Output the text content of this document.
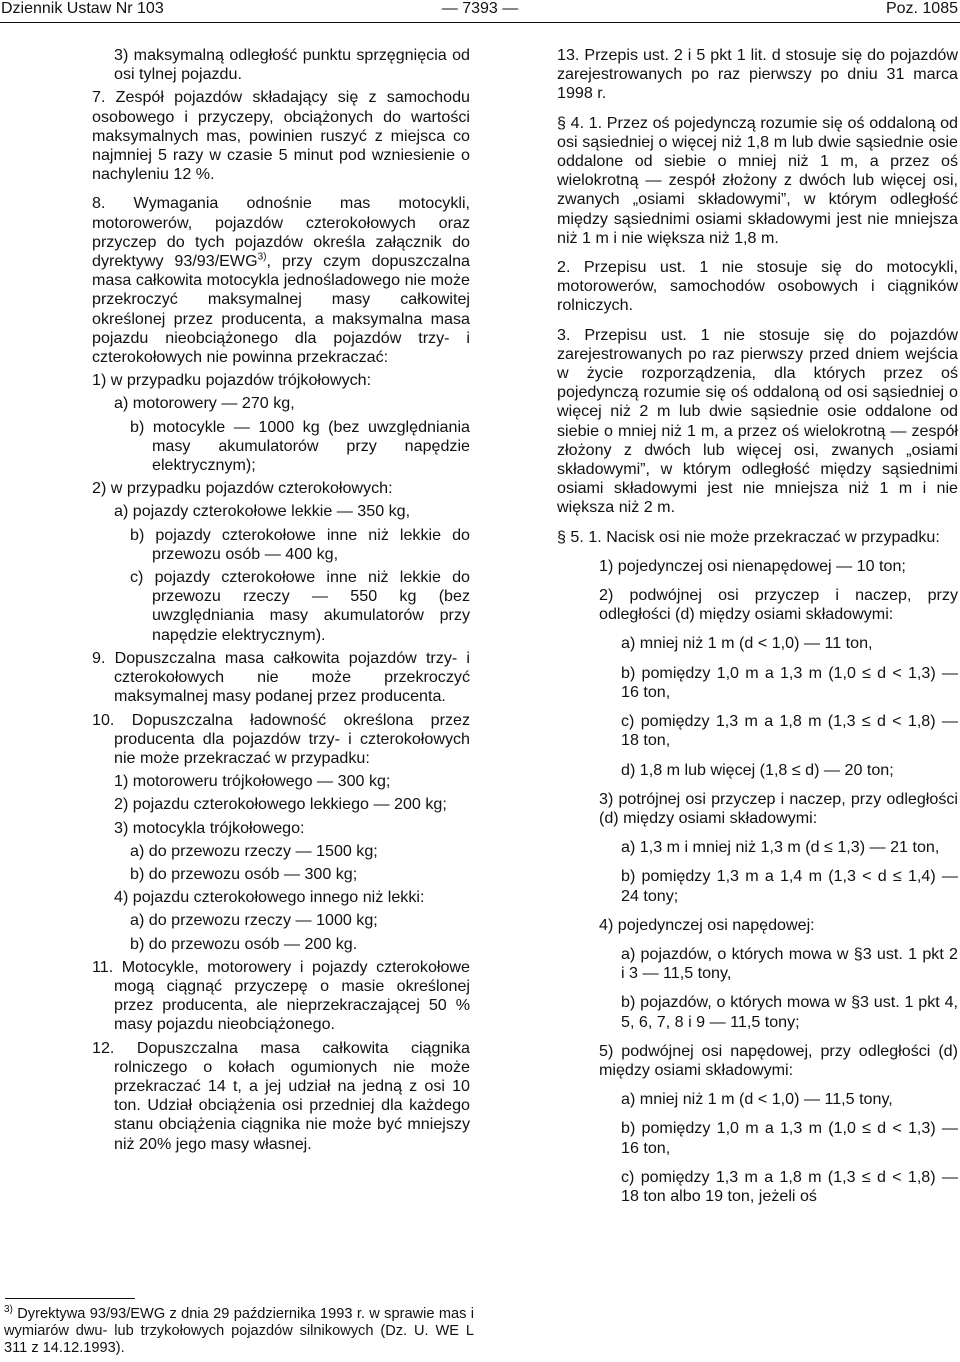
Dziennik Ustaw Nr 103	— 7393 —	Poz. 1085

3) maksymalną odległość punktu sprzęgnięcia od osi tylnej pojazdu.

7. Zespół pojazdów składający się z samochodu osobowego i przyczepy, obciążonych do wartości maksymalnych mas, powinien ruszyć z miejsca co najmniej 5 razy w czasie 5 minut pod wzniesienie o nachyleniu 12 %.

8. Wymagania odnośnie mas motocykli, motorowerów, pojazdów czterokołowych oraz przyczep do tych pojazdów określa załącznik do dyrektywy 93/93/EWG$^{3)}$, przy czym dopuszczalna masa całkowita motocykla jednośladowego nie może przekroczyć maksymalnej masy całkowitej określonej przez producenta, a maksymalna masa pojazdu nieobciążonego dla pojazdów trzy- i czterokołowych nie powinna przekraczać:

1) w przypadku pojazdów trójkołowych:

a) motorowery — 270 kg,

b) motocykle — 1000 kg (bez uwzględniania masy akumulatorów przy napędzie elektrycznym);

2) w przypadku pojazdów czterokołowych:

a) pojazdy czterokołowe lekkie — 350 kg,

b) pojazdy czterokołowe inne niż lekkie do przewozu osób — 400 kg,

c) pojazdy czterokołowe inne niż lekkie do przewozu rzeczy — 550 kg (bez uwzględniania masy akumulatorów przy napędzie elektrycznym).

9. Dopuszczalna masa całkowita pojazdów trzy- i czterokołowych nie może przekroczyć maksymalnej masy podanej przez producenta.

10. Dopuszczalna ładowność określona przez producenta dla pojazdów trzy- i czterokołowych nie może przekraczać w przypadku:

1) motoroweru trójkołowego — 300 kg;

2) pojazdu czterokołowego lekkiego — 200 kg;

3) motocykla trójkołowego:

a) do przewozu rzeczy — 1500 kg;

b) do przewozu osób — 300 kg;

4) pojazdu czterokołowego innego niż lekki:

a) do przewozu rzeczy — 1000 kg;

b) do przewozu osób — 200 kg.

11. Motocykle, motorowery i pojazdy czterokołowe mogą ciągnąć przyczepę o masie określonej przez producenta, ale nieprzekraczającej 50 % masy pojazdu nieobciążonego.

12. Dopuszczalna masa całkowita ciągnika rolniczego o kołach ogumionych nie może przekraczać 14 t, a jej udział na jedną z osi 10 ton. Udział obciążenia osi przedniej dla każdego stanu obciążenia ciągnika nie może być mniejszy niż 20% jego masy własnej.

$^{3)}$ Dyrektywa 93/93/EWG z dnia 29 października 1993 r. w sprawie mas i wymiarów dwu- lub trzykołowych pojazdów silnikowych (Dz. U. WE L 311 z 14.12.1993).

13. Przepis ust. 2 i 5 pkt 1 lit. d stosuje się do pojazdów zarejestrowanych po raz pierwszy po dniu 31 marca 1998 r.

§ 4. 1. Przez oś pojedynczą rozumie się oś oddaloną od osi sąsiedniej o więcej niż 1,8 m lub dwie sąsiednie osie oddalone od siebie o mniej niż 1 m, a przez oś wielokrotną — zespół złożony z dwóch lub więcej osi, zwanych „osiami składowymi”, w którym odległość między sąsiednimi osiami składowymi jest nie mniejsza niż 1 m i nie większa niż 1,8 m.

2. Przepisu ust. 1 nie stosuje się do motocykli, motorowerów, samochodów osobowych i ciągników rolniczych.

3. Przepisu ust. 1 nie stosuje się do pojazdów zarejestrowanych po raz pierwszy przed dniem wejścia w życie rozporządzenia, dla których przez oś pojedynczą rozumie się oś oddaloną od osi sąsiedniej o więcej niż 2 m lub dwie sąsiednie osie oddalone od siebie o mniej niż 1 m, a przez oś wielokrotną — zespół złożony z dwóch lub więcej osi, zwanych „osiami składowymi”, w którym odległość między sąsiednimi osiami składowymi jest nie mniejsza niż 1 m i nie większa niż 2 m.

§ 5. 1. Nacisk osi nie może przekraczać w przypadku:

1) pojedynczej osi nienapędowej — 10 ton;

2) podwójnej osi przyczep i naczep, przy odległości (d) między osiami składowymi:

a) mniej niż 1 m (d < 1,0) — 11 ton,

b) pomiędzy 1,0 m a 1,3 m (1,0 ≤ d < 1,3) — 16 ton,

c) pomiędzy 1,3 m a 1,8 m (1,3 ≤ d < 1,8) — 18 ton,

d) 1,8 m lub więcej (1,8 ≤ d) — 20 ton;

3) potrójnej osi przyczep i naczep, przy odległości (d) między osiami składowymi:

a) 1,3 m i mniej niż 1,3 m (d ≤ 1,3) — 21 ton,

b) pomiędzy 1,3 m a 1,4 m (1,3 < d ≤ 1,4) — 24 tony;

4) pojedynczej osi napędowej:

a) pojazdów, o których mowa w §3 ust. 1 pkt 2 i 3 — 11,5 tony,

b) pojazdów, o których mowa w §3 ust. 1 pkt 4, 5, 6, 7, 8 i 9 — 11,5 tony;

5) podwójnej osi napędowej, przy odległości (d) między osiami składowymi:

a) mniej niż 1 m (d < 1,0) — 11,5 tony,

b) pomiędzy 1,0 m a 1,3 m (1,0 ≤ d < 1,3) — 16 ton,

c) pomiędzy 1,3 m a 1,8 m (1,3 ≤ d < 1,8) — 18 ton albo 19 ton, jeżeli oś
